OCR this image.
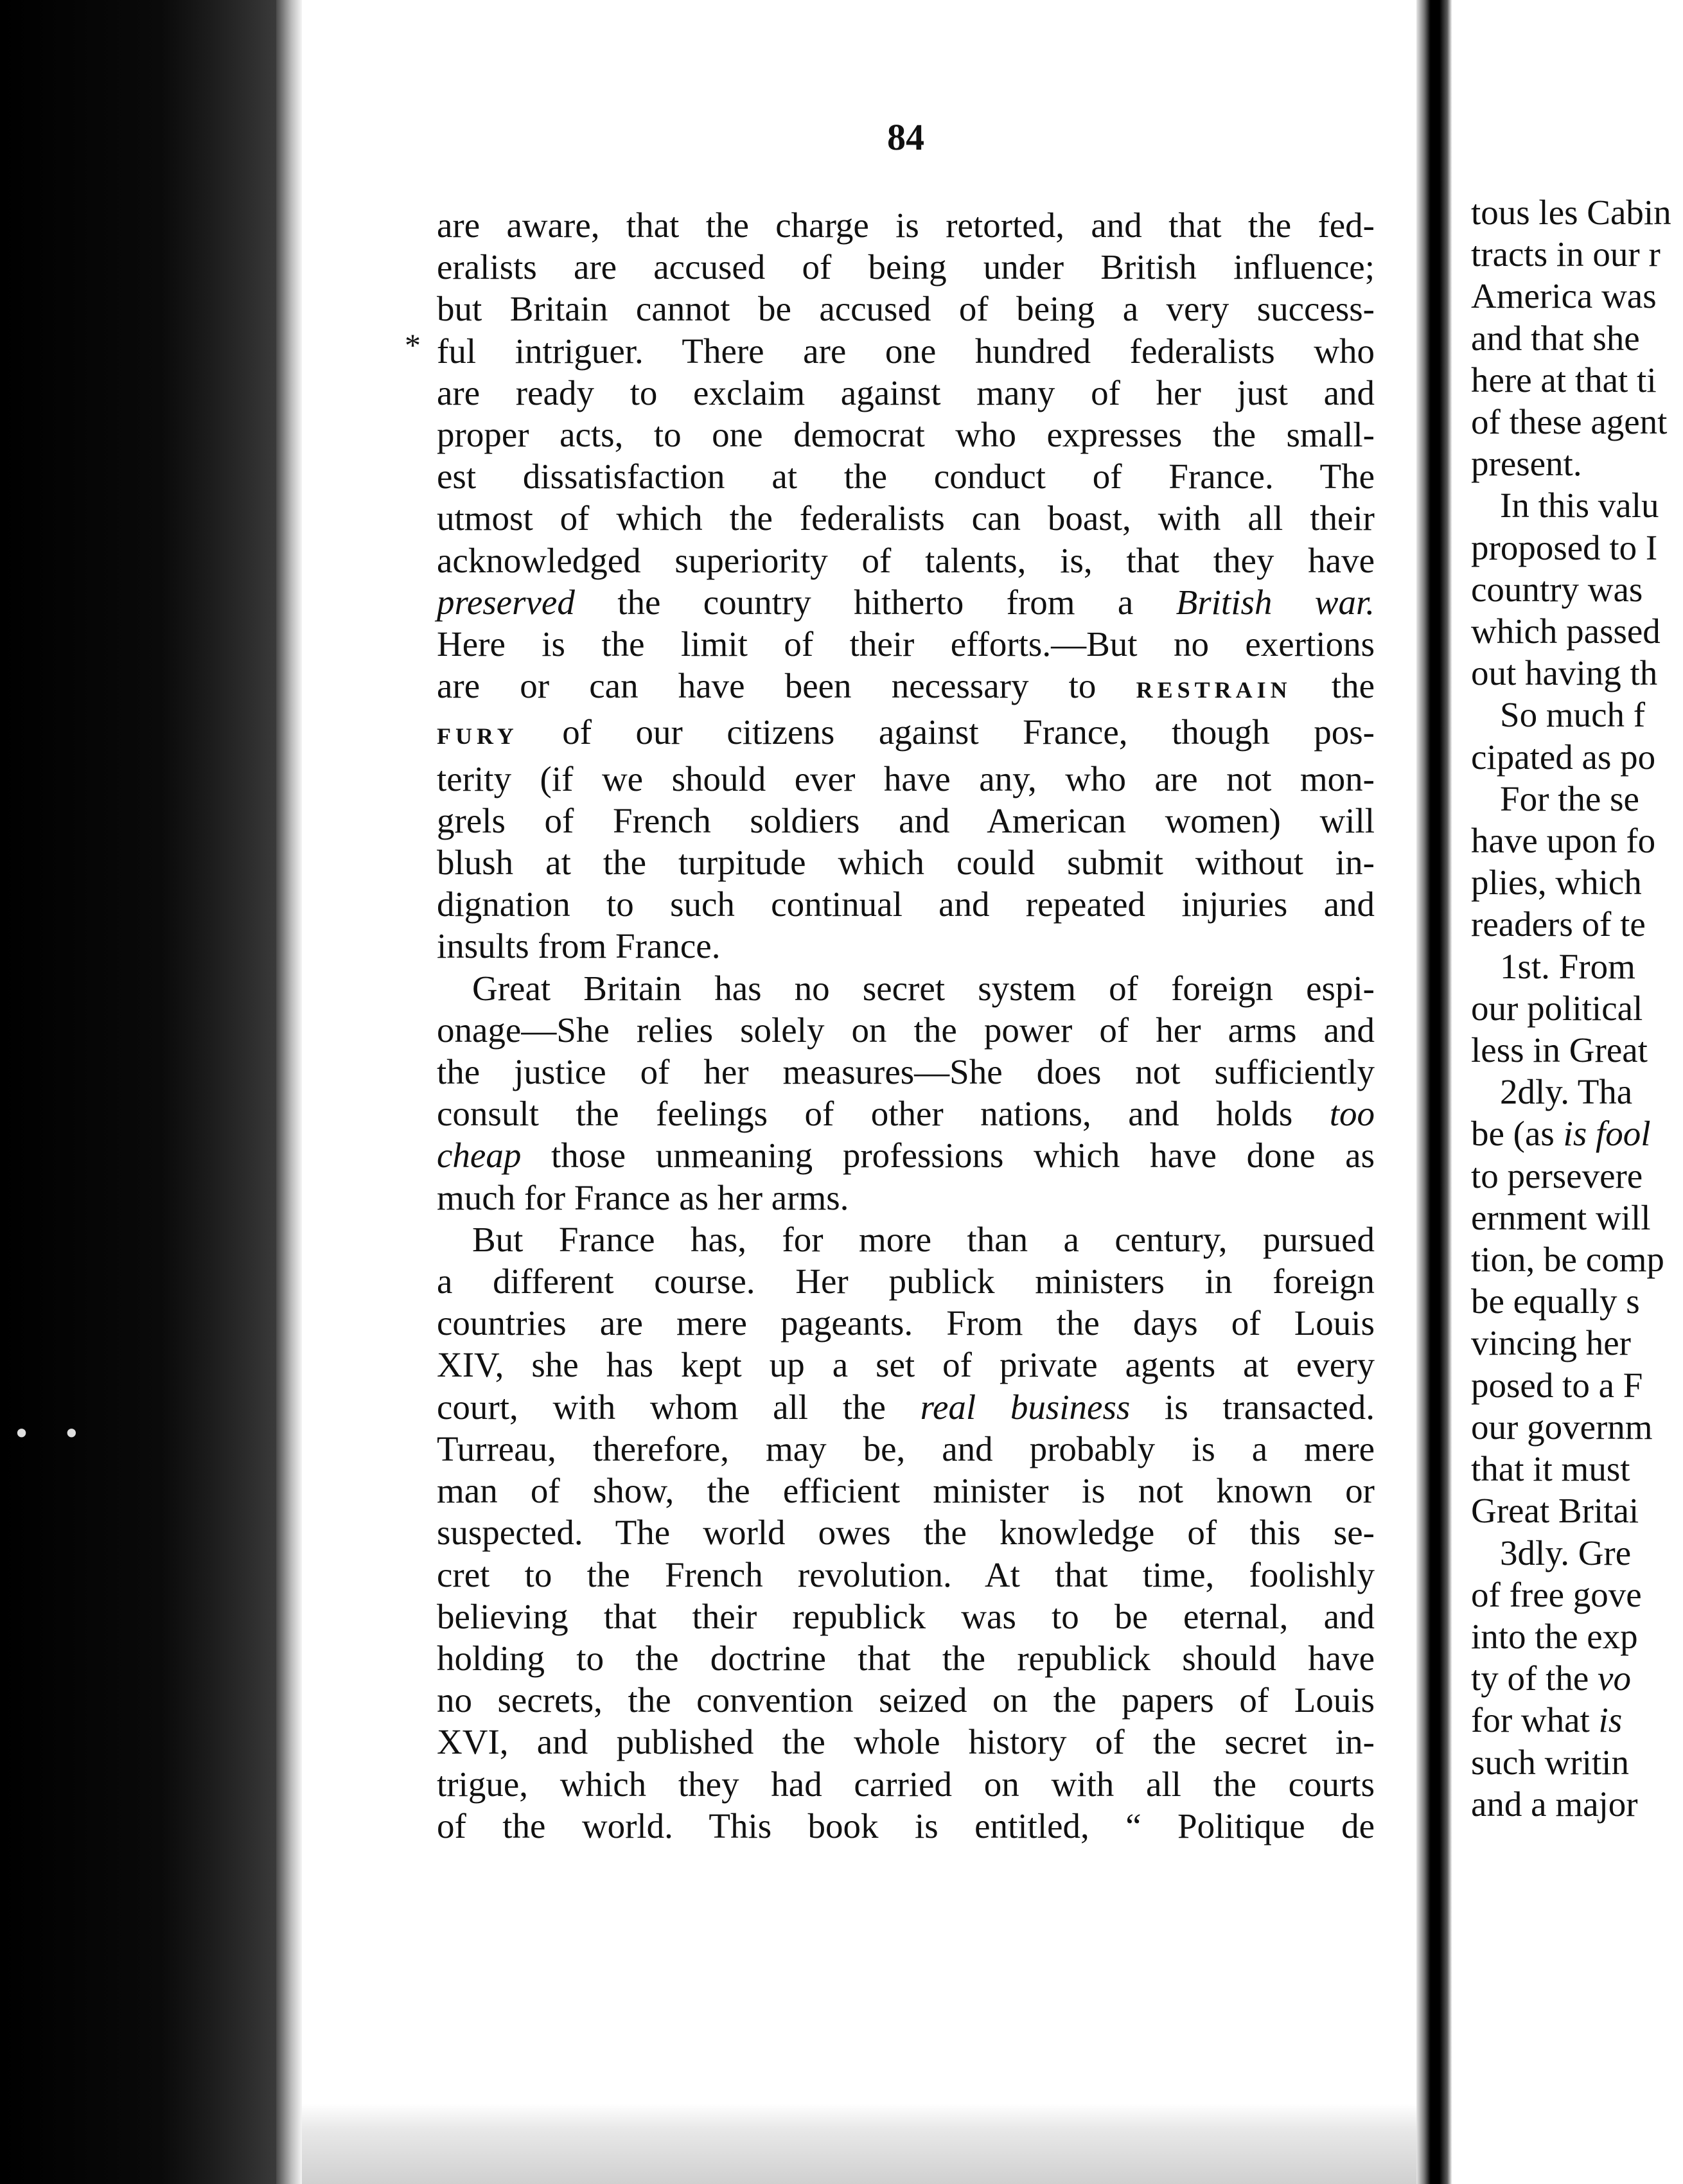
• •
84
*
are aware, that the charge is retorted, and that the fed-
eralists are accused of being under British influence;
but Britain cannot be accused of being a very success-
ful intriguer. There are one hundred federalists who
are ready to exclaim against many of her just and
proper acts, to one democrat who expresses the small-
est dissatisfaction at the conduct of France. The
utmost of which the federalists can boast, with all their
acknowledged superiority of talents, is, that they have
preserved the country hitherto from a British war.
Here is the limit of their efforts.—But no exertions
are or can have been necessary to RESTRAIN the
FURY of our citizens against France, though pos-
terity (if we should ever have any, who are not mon-
grels of French soldiers and American women) will
blush at the turpitude which could submit without in-
dignation to such continual and repeated injuries and
insults from France.
Great Britain has no secret system of foreign espi-
onage—She relies solely on the power of her arms and
the justice of her measures—She does not sufficiently
consult the feelings of other nations, and holds too
cheap those unmeaning professions which have done as
much for France as her arms.
But France has, for more than a century, pursued
a different course. Her publick ministers in foreign
countries are mere pageants. From the days of Louis
XIV, she has kept up a set of private agents at every
court, with whom all the real business is transacted.
Turreau, therefore, may be, and probably is a mere
man of show, the efficient minister is not known or
suspected. The world owes the knowledge of this se-
cret to the French revolution. At that time, foolishly
believing that their republick was to be eternal, and
holding to the doctrine that the republick should have
no secrets, the convention seized on the papers of Louis
XVI, and published the whole history of the secret in-
trigue, which they had carried on with all the courts
of the world. This book is entitled, “ Politique de
tous les Cabin
tracts in our r
America was
and that she
here at that ti
of these agent
present.
In this valu
proposed to I
country was
which passed
out having th
So much f
cipated as po
For the se
have upon fo
plies, which
readers of te
1st. From
our political
less in Great
2dly. Tha
be (as is fool
to persevere
ernment will
tion, be comp
be equally s
vincing her
posed to a F
our governm
that it must
Great Britai
3dly. Gre
of free gove
into the exp
ty of the vo
for what is
such writin
and a major
